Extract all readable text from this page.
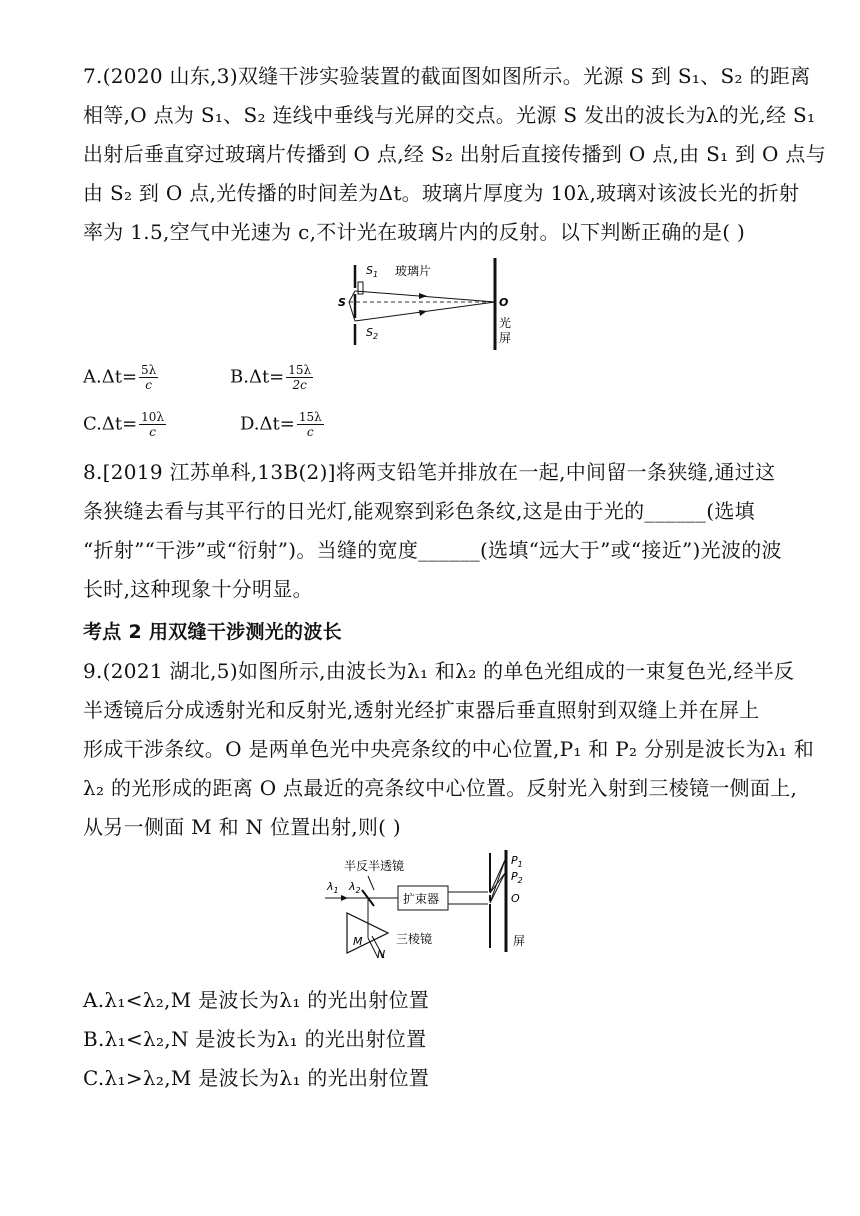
7.(2020 山东,3)双缝干涉实验装置的截面图如图所示。光源 S 到 S₁、S₂ 的距离
相等,O 点为 S₁、S₂ 连线中垂线与光屏的交点。光源 S 发出的波长为λ的光,经 S₁
出射后垂直穿过玻璃片传播到 O 点,经 S₂ 出射后直接传播到 O 点,由 S₁ 到 O 点与
由 S₂ 到 O 点,光传播的时间差为Δt。玻璃片厚度为 10λ,玻璃对该波长光的折射
率为 1.5,空气中光速为 c,不计光在玻璃片内的反射。以下判断正确的是( )
S
$S_1$
$S_2$
玻璃片
O
光
屏
$A.\Delta t= \frac{5\lambda}{c}$	$B.\Delta t= \frac{15\lambda}{2c}$
$C.\Delta t= \frac{10\lambda}{c}$	$D.\Delta t= \frac{15\lambda}{c}$
8.[2019 江苏单科,13B(2)]将两支铅笔并排放在一起,中间留一条狭缝,通过这
条狭缝去看与其平行的日光灯,能观察到彩色条纹,这是由于光的______(选填
“折射”“干涉”或“衍射”)。当缝的宽度______(选填“远大于”或“接近”)光波的波
长时,这种现象十分明显。
考点 2 用双缝干涉测光的波长
9.(2021 湖北,5)如图所示,由波长为λ₁ 和λ₂ 的单色光组成的一束复色光,经半反
半透镜后分成透射光和反射光,透射光经扩束器后垂直照射到双缝上并在屏上
形成干涉条纹。O 是两单色光中央亮条纹的中心位置,P₁ 和 P₂ 分别是波长为λ₁ 和
λ₂ 的光形成的距离 O 点最近的亮条纹中心位置。反射光入射到三棱镜一侧面上,
从另一侧面 M 和 N 位置出射,则( )
半反半透镜
$\lambda_1$ $\lambda_2$
扩束器
$P_1$
$P_2$
O
屏
三棱镜
M
N
A.λ₁<λ₂,M 是波长为λ₁ 的光出射位置
B.λ₁<λ₂,N 是波长为λ₁ 的光出射位置
C.λ₁>λ₂,M 是波长为λ₁ 的光出射位置
